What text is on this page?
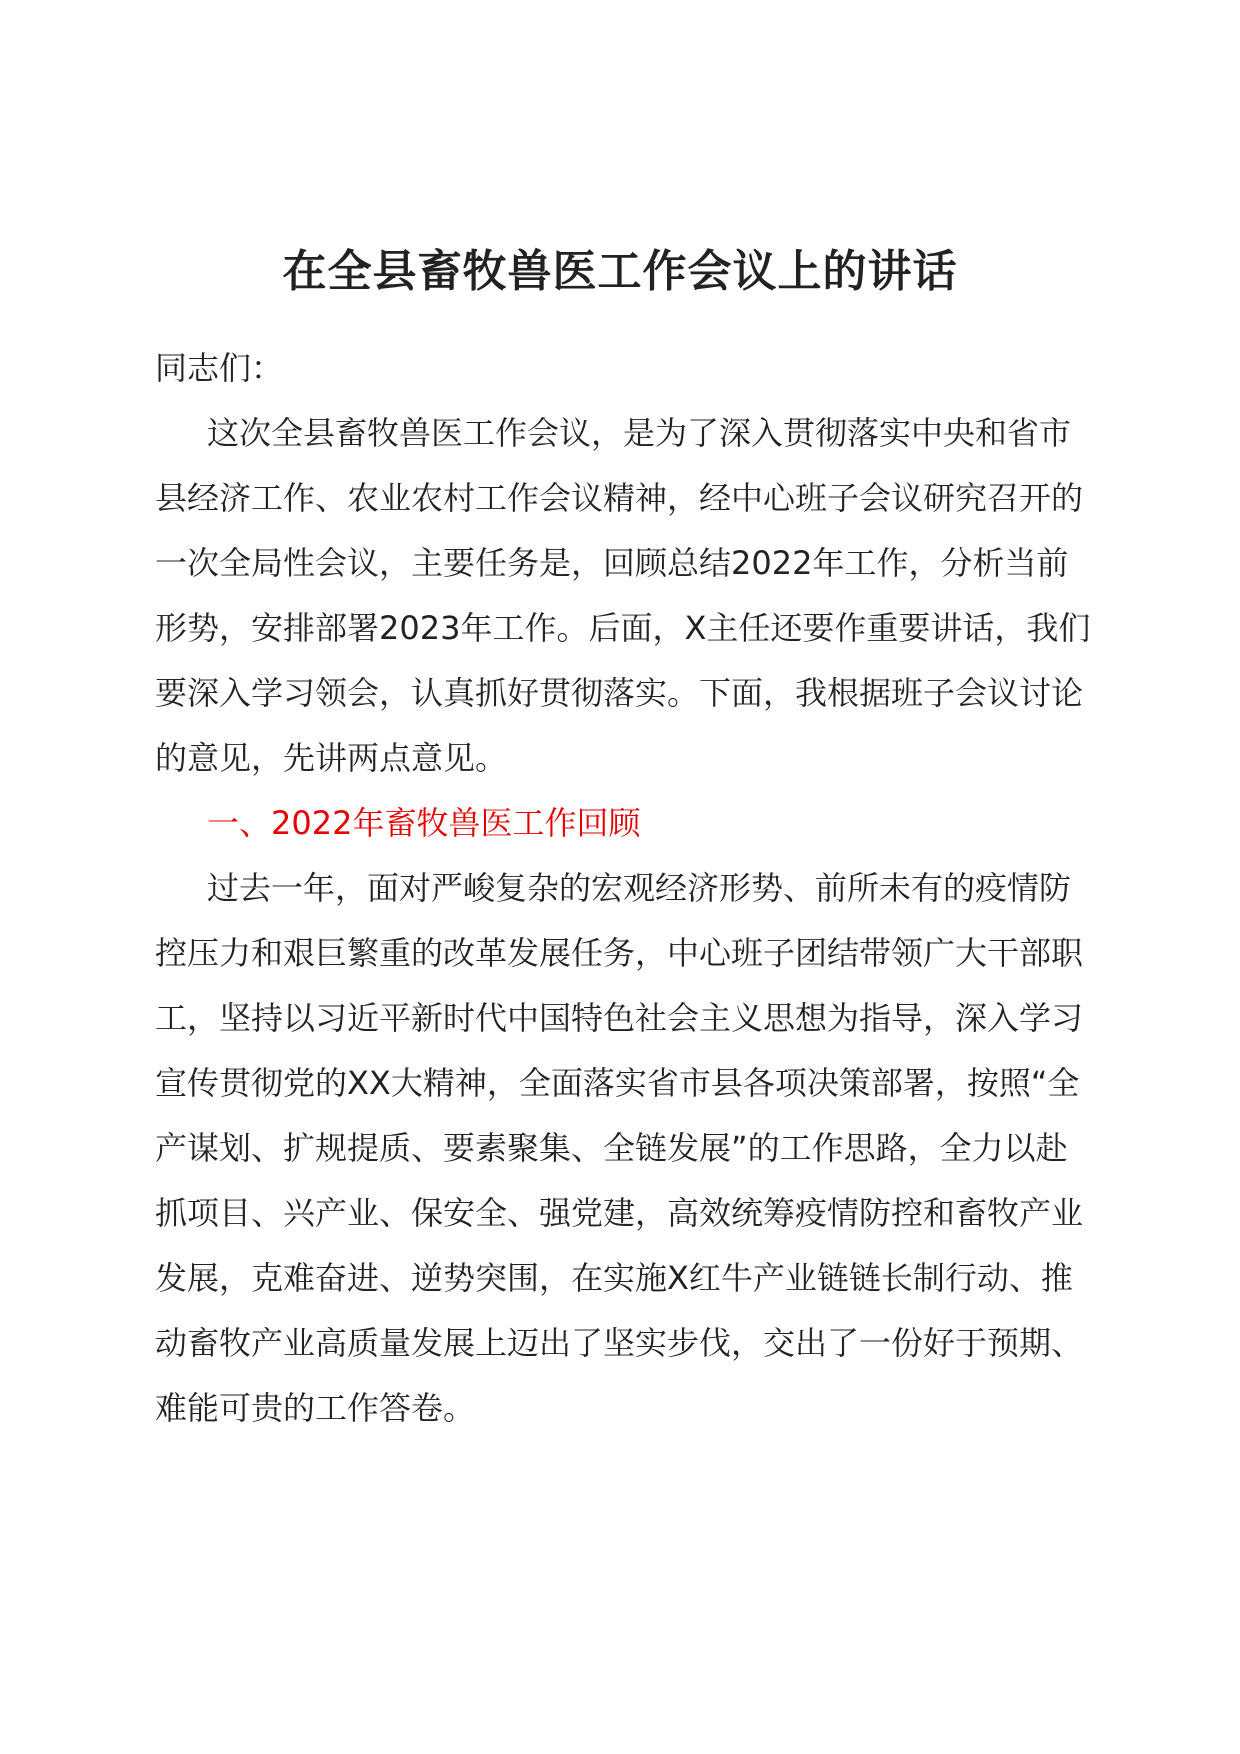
在全县畜牧兽医工作会议上的讲话

同志们：

这次全县畜牧兽医工作会议，是为了深入贯彻落实中央和省市县经济工作、农业农村工作会议精神，经中心班子会议研究召开的一次全局性会议，主要任务是，回顾总结2022年工作，分析当前形势，安排部署2023年工作。后面，X主任还要作重要讲话，我们要深入学习领会，认真抓好贯彻落实。下面，我根据班子会议讨论的意见，先讲两点意见。

一、2022年畜牧兽医工作回顾

过去一年，面对严峻复杂的宏观经济形势、前所未有的疫情防控压力和艰巨繁重的改革发展任务，中心班子团结带领广大干部职工，坚持以习近平新时代中国特色社会主义思想为指导，深入学习宣传贯彻党的XX大精神，全面落实省市县各项决策部署，按照“全产谋划、扩规提质、要素聚集、全链发展”的工作思路，全力以赴抓项目、兴产业、保安全、强党建，高效统筹疫情防控和畜牧产业发展，克难奋进、逆势突围，在实施X红牛产业链链长制行动、推动畜牧产业高质量发展上迈出了坚实步伐，交出了一份好于预期、难能可贵的工作答卷。
